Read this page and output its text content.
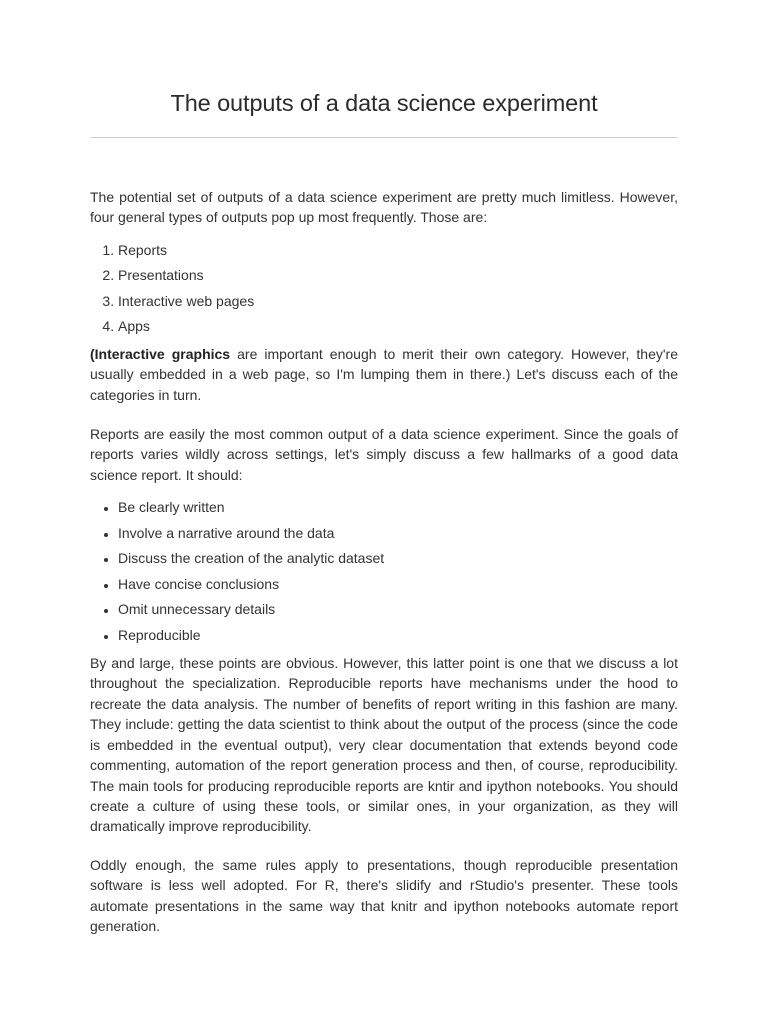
The outputs of a data science experiment

The potential set of outputs of a data science experiment are pretty much limitless. However, four general types of outputs pop up most frequently. Those are:

1. Reports
2. Presentations
3. Interactive web pages
4. Apps

(Interactive graphics are important enough to merit their own category. However, they're usually embedded in a web page, so I'm lumping them in there.) Let's discuss each of the categories in turn.

Reports are easily the most common output of a data science experiment. Since the goals of reports varies wildly across settings, let's simply discuss a few hallmarks of a good data science report. It should:

• Be clearly written
• Involve a narrative around the data
• Discuss the creation of the analytic dataset
• Have concise conclusions
• Omit unnecessary details
• Reproducible

By and large, these points are obvious. However, this latter point is one that we discuss a lot throughout the specialization. Reproducible reports have mechanisms under the hood to recreate the data analysis. The number of benefits of report writing in this fashion are many. They include: getting the data scientist to think about the output of the process (since the code is embedded in the eventual output), very clear documentation that extends beyond code commenting, automation of the report generation process and then, of course, reproducibility. The main tools for producing reproducible reports are kntir and ipython notebooks. You should create a culture of using these tools, or similar ones, in your organization, as they will dramatically improve reproducibility.

Oddly enough, the same rules apply to presentations, though reproducible presentation software is less well adopted. For R, there's slidify and rStudio's presenter. These tools automate presentations in the same way that knitr and ipython notebooks automate report generation.
